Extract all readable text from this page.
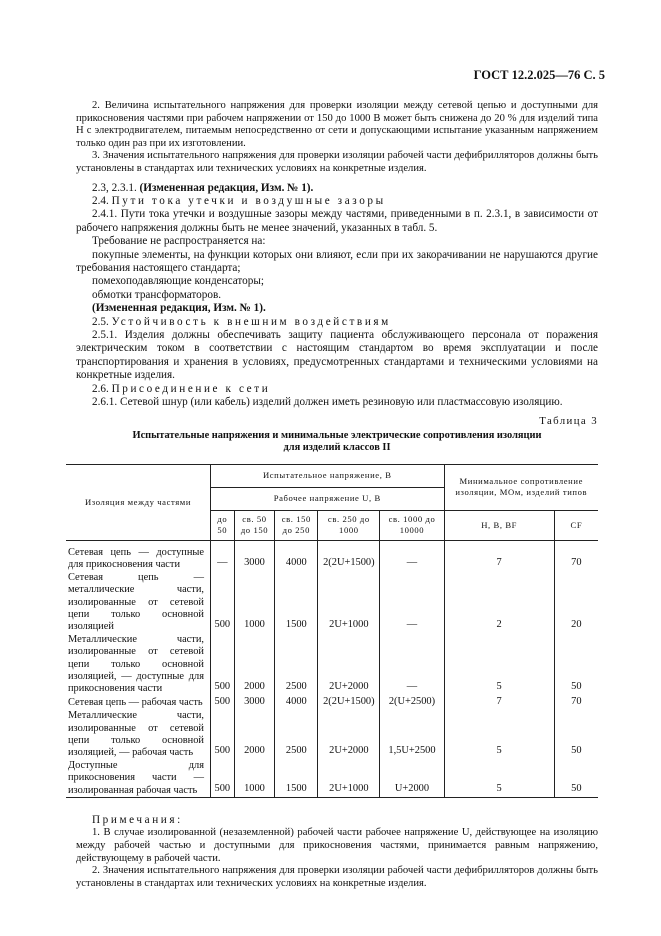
ГОСТ 12.2.025—76 С. 5

2. Величина испытательного напряжения для проверки изоляции между сетевой цепью и доступными для прикосновения частями при рабочем напряжении от 150 до 1000 В может быть снижена до 20 % для изделий типа Н с электродвигателем, питаемым непосредственно от сети и допускающими испытание указанным напряжением только один раз при их изготовлении.

3. Значения испытательного напряжения для проверки изоляции рабочей части дефибрилляторов должны быть установлены в стандартах или технических условиях на конкретные изделия.

2.3, 2.3.1. (Измененная редакция, Изм. № 1).

2.4. Пути тока утечки и воздушные зазоры

2.4.1. Пути тока утечки и воздушные зазоры между частями, приведенными в п. 2.3.1, в зависимости от рабочего напряжения должны быть не менее значений, указанных в табл. 5.

Требование не распространяется на:

покупные элементы, на функции которых они влияют, если при их закорачивании не нарушаются другие требования настоящего стандарта;

помехоподавляющие конденсаторы;

обмотки трансформаторов.

(Измененная редакция, Изм. № 1).

2.5. Устойчивость к внешним воздействиям

2.5.1. Изделия должны обеспечивать защиту пациента обслуживающего персонала от поражения электрическим током в соответствии с настоящим стандартом во время эксплуатации и после транспортирования и хранения в условиях, предусмотренных стандартами и техническими условиями на конкретные изделия.

2.6. Присоединение к сети

2.6.1. Сетевой шнур (или кабель) изделий должен иметь резиновую или пластмассовую изоляцию.

Таблица 3
Испытательные напряжения и минимальные электрические сопротивления изоляции
для изделий классов II
Изоляция между частями	Испытательное напряжение, В					Минимальное сопротивление изоляции, МОм, изделий типов	
	Рабочее напряжение U, В						
	до 50	св. 50 до 150	св. 150 до 250	св. 250 до 1000	св. 1000 до 10000	Н, В, BF	CF
Сетевая цепь — доступные для прикосновения части	—	3000	4000	2(2U+1500)	—	7	70
Сетевая цепь — металлические части, изолированные от сетевой цепи только основной изоляцией	500	1000	1500	2U+1000	—	2	20
Металлические части, изолированные от сетевой цепи только основной изоляцией, — доступные для прикосновения части	500	2000	2500	2U+2000	—	5	50
Сетевая цепь — рабочая часть	500	3000	4000	2(2U+1500)	2(U+2500)	7	70
Металлические части, изолированные от сетевой цепи только основной изоляцией, — рабочая часть	500	2000	2500	2U+2000	1,5U+2500	5	50
Доступные для прикосновения части — изолированная рабочая часть	500	1000	1500	2U+1000	U+2000	5	50

Примечания:

1. В случае изолированной (незаземленной) рабочей части рабочее напряжение U, действующее на изоляцию между рабочей частью и доступными для прикосновения частями, принимается равным напряжению, действующему в рабочей части.

2. Значения испытательного напряжения для проверки изоляции рабочей части дефибрилляторов должны быть установлены в стандартах или технических условиях на конкретные изделия.
